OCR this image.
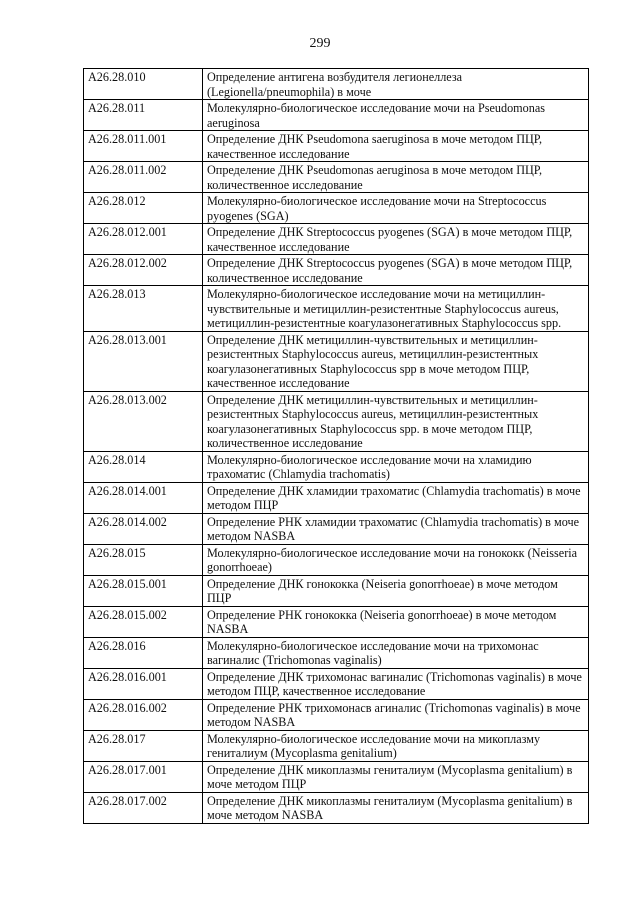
299
A26.28.010	Определение антигена возбудителя легионеллеза (Legionella/pneumophila) в моче
A26.28.011	Молекулярно-биологическое исследование мочи на Pseudomonas aeruginosa
A26.28.011.001	Определение ДНК Pseudomona saeruginosa в моче методом ПЦР, качественное исследование
A26.28.011.002	Определение ДНК Pseudomonas aeruginosa в моче методом ПЦР, количественное исследование
A26.28.012	Молекулярно-биологическое исследование мочи на Streptococcus pyogenes (SGA)
A26.28.012.001	Определение ДНК Streptococcus pyogenes (SGA) в моче методом ПЦР, качественное исследование
A26.28.012.002	Определение ДНК Streptococcus pyogenes (SGA) в моче методом ПЦР, количественное исследование
A26.28.013	Молекулярно-биологическое исследование мочи на метициллин-чувствительные и метициллин-резистентные Staphylococcus aureus, метициллин-резистентные коагулазонегативных Staphylococcus spp.
A26.28.013.001	Определение ДНК метициллин-чувствительных и метициллин-резистентных Staphylococcus aureus, метициллин-резистентных коагулазонегативных Staphylococcus spp в моче методом ПЦР, качественное исследование
A26.28.013.002	Определение ДНК метициллин-чувствительных и метициллин-резистентных Staphylococcus aureus, метициллин-резистентных коагулазонегативных Staphylococcus spp. в моче методом ПЦР, количественное исследование
A26.28.014	Молекулярно-биологическое исследование мочи на хламидию трахоматис (Chlamydia trachomatis)
A26.28.014.001	Определение ДНК хламидии трахоматис (Chlamydia trachomatis) в моче методом ПЦР
A26.28.014.002	Определение РНК хламидии трахоматис (Chlamydia trachomatis) в моче методом NASBA
A26.28.015	Молекулярно-биологическое исследование мочи на гонококк (Neisseria gonorrhoeae)
A26.28.015.001	Определение ДНК гонококка (Neiseria gonorrhoeae) в моче методом ПЦР
A26.28.015.002	Определение РНК гонококка (Neiseria gonorrhoeae) в моче методом NASBA
A26.28.016	Молекулярно-биологическое исследование мочи на трихомонас вагиналис (Trichomonas vaginalis)
A26.28.016.001	Определение ДНК трихомонас вагиналис (Trichomonas vaginalis) в моче методом ПЦР, качественное исследование
A26.28.016.002	Определение РНК трихомонасв агиналис (Trichomonas vaginalis) в моче методом NASBA
A26.28.017	Молекулярно-биологическое исследование мочи на микоплазму гениталиум (Mycoplasma genitalium)
A26.28.017.001	Определение ДНК микоплазмы гениталиум (Mycoplasma genitalium) в моче методом ПЦР
A26.28.017.002	Определение ДНК микоплазмы гениталиум (Mycoplasma genitalium) в моче методом NASBA
